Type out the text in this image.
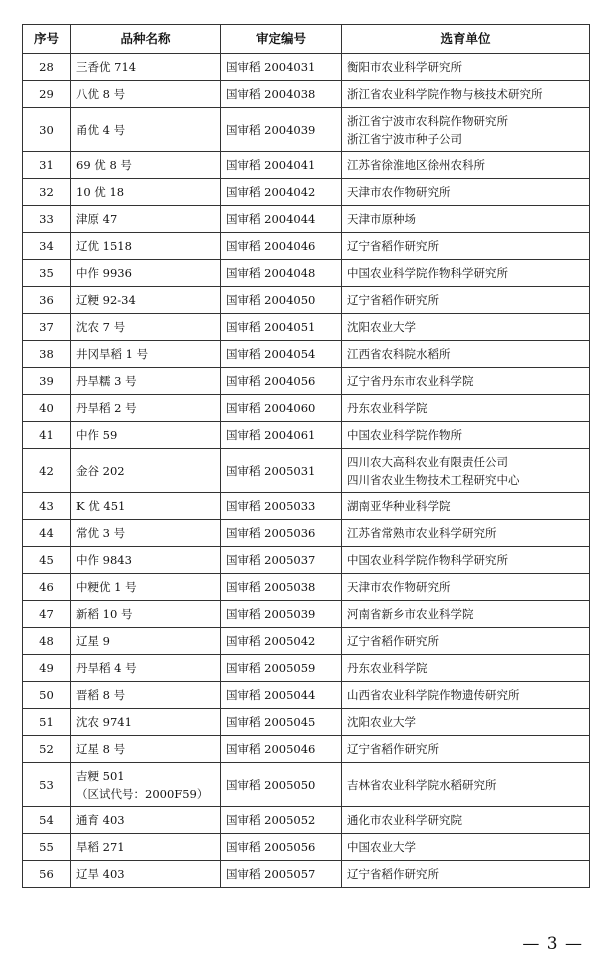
序号	品种名称	审定编号	选育单位
28	三香优 714	国审稻 2004031	衡阳市农业科学研究所

29	八优 8 号	国审稻 2004038	浙江省农业科学院作物与核技术研究所

30	甬优 4 号	国审稻 2004039	浙江省宁波市农科院作物研究所
浙江省宁波市种子公司

31	69 优 8 号	国审稻 2004041	江苏省徐淮地区徐州农科所

32	10 优 18	国审稻 2004042	天津市农作物研究所

33	津原 47	国审稻 2004044	天津市原种场

34	辽优 1518	国审稻 2004046	辽宁省稻作研究所

35	中作 9936	国审稻 2004048	中国农业科学院作物科学研究所

36	辽粳 92-34	国审稻 2004050	辽宁省稻作研究所

37	沈农 7 号	国审稻 2004051	沈阳农业大学

38	井冈旱稻 1 号	国审稻 2004054	江西省农科院水稻所

39	丹旱糯 3 号	国审稻 2004056	辽宁省丹东市农业科学院

40	丹旱稻 2 号	国审稻 2004060	丹东农业科学院

41	中作 59	国审稻 2004061	中国农业科学院作物所

42	金谷 202	国审稻 2005031	四川农大高科农业有限责任公司
四川省农业生物技术工程研究中心

43	K 优 451	国审稻 2005033	湖南亚华种业科学院

44	常优 3 号	国审稻 2005036	江苏省常熟市农业科学研究所

45	中作 9843	国审稻 2005037	中国农业科学院作物科学研究所

46	中粳优 1 号	国审稻 2005038	天津市农作物研究所

47	新稻 10 号	国审稻 2005039	河南省新乡市农业科学院

48	辽星 9	国审稻 2005042	辽宁省稻作研究所

49	丹旱稻 4 号	国审稻 2005059	丹东农业科学院

50	晋稻 8 号	国审稻 2005044	山西省农业科学院作物遗传研究所

51	沈农 9741	国审稻 2005045	沈阳农业大学

52	辽星 8 号	国审稻 2005046	辽宁省稻作研究所

53	吉粳 501
（区试代号：2000F59）	国审稻 2005050	吉林省农业科学院水稻研究所

54	通育 403	国审稻 2005052	通化市农业科学研究院

55	旱稻 271	国审稻 2005056	中国农业大学

56	辽旱 403	国审稻 2005057	辽宁省稻作研究所
— 3 —
